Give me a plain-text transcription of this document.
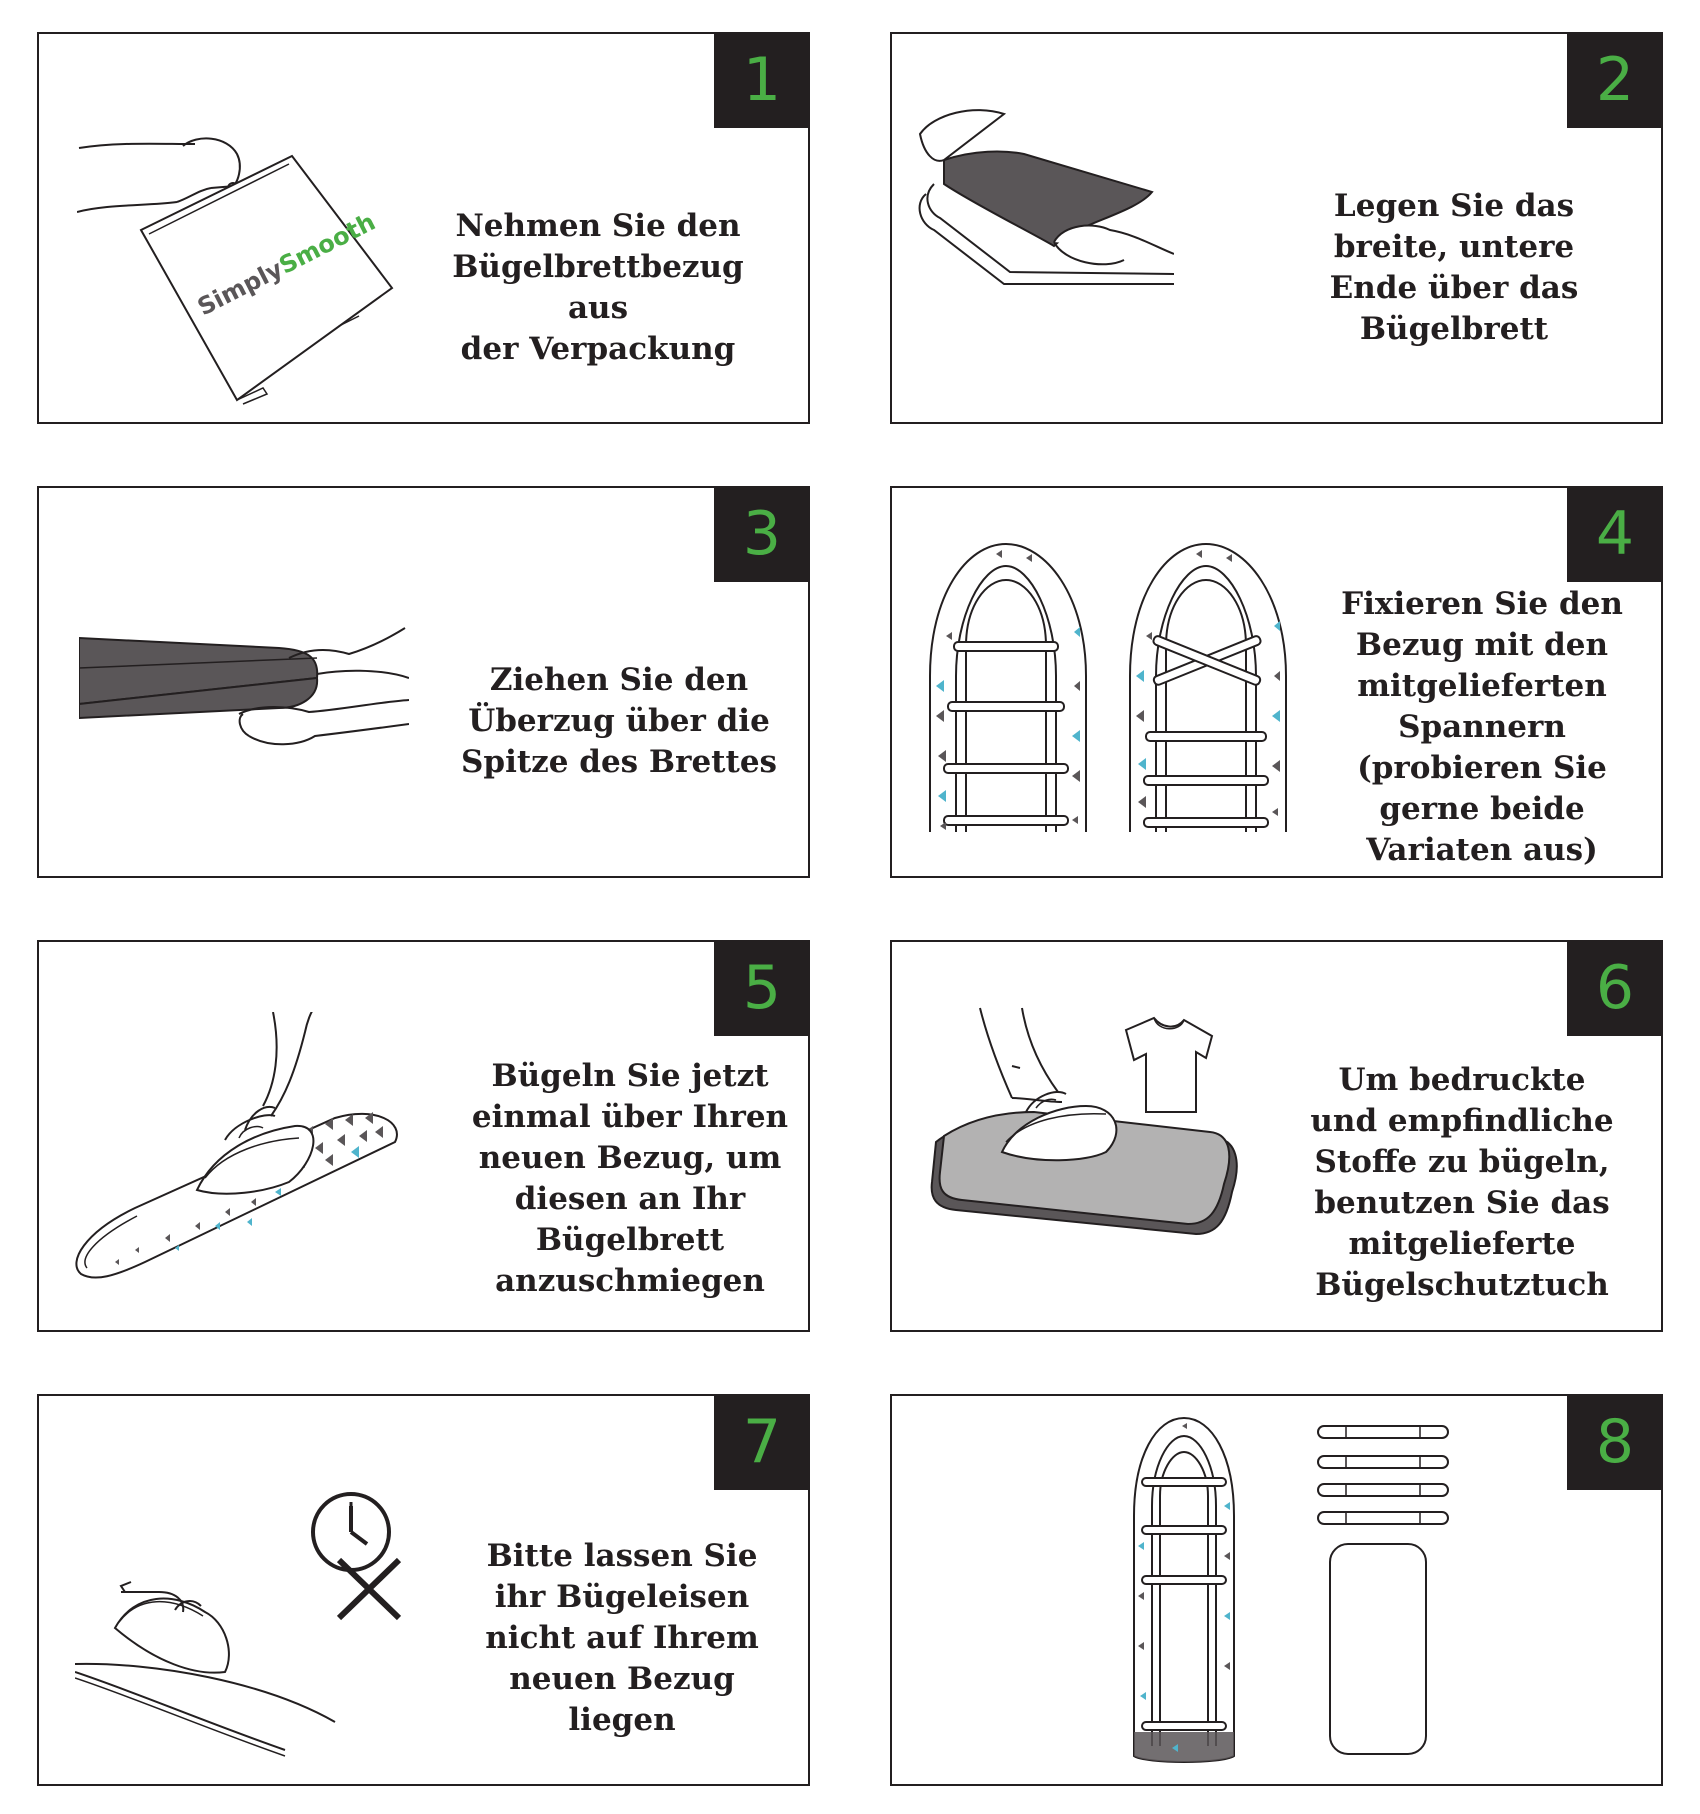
1
SimplySmooth	Nehmen Sie den
Bügelbrettbezug aus
der Verpackung
2
Legen Sie das
breite, untere
Ende über das
Bügelbrett
3
Ziehen Sie den
Überzug über die
Spitze des Brettes
4
Fixieren Sie den
Bezug mit den
mitgelieferten
Spannern
(probieren Sie
gerne beide
Variaten aus)
5
Bügeln Sie jetzt
einmal über Ihren
neuen Bezug, um
diesen an Ihr
Bügelbrett
anzuschmiegen
6
Um bedruckte
und empfindliche
Stoffe zu bügeln,
benutzen Sie das
mitgelieferte
Bügelschutztuch
7
Bitte lassen Sie
ihr Bügeleisen
nicht auf Ihrem
neuen Bezug
liegen
8
